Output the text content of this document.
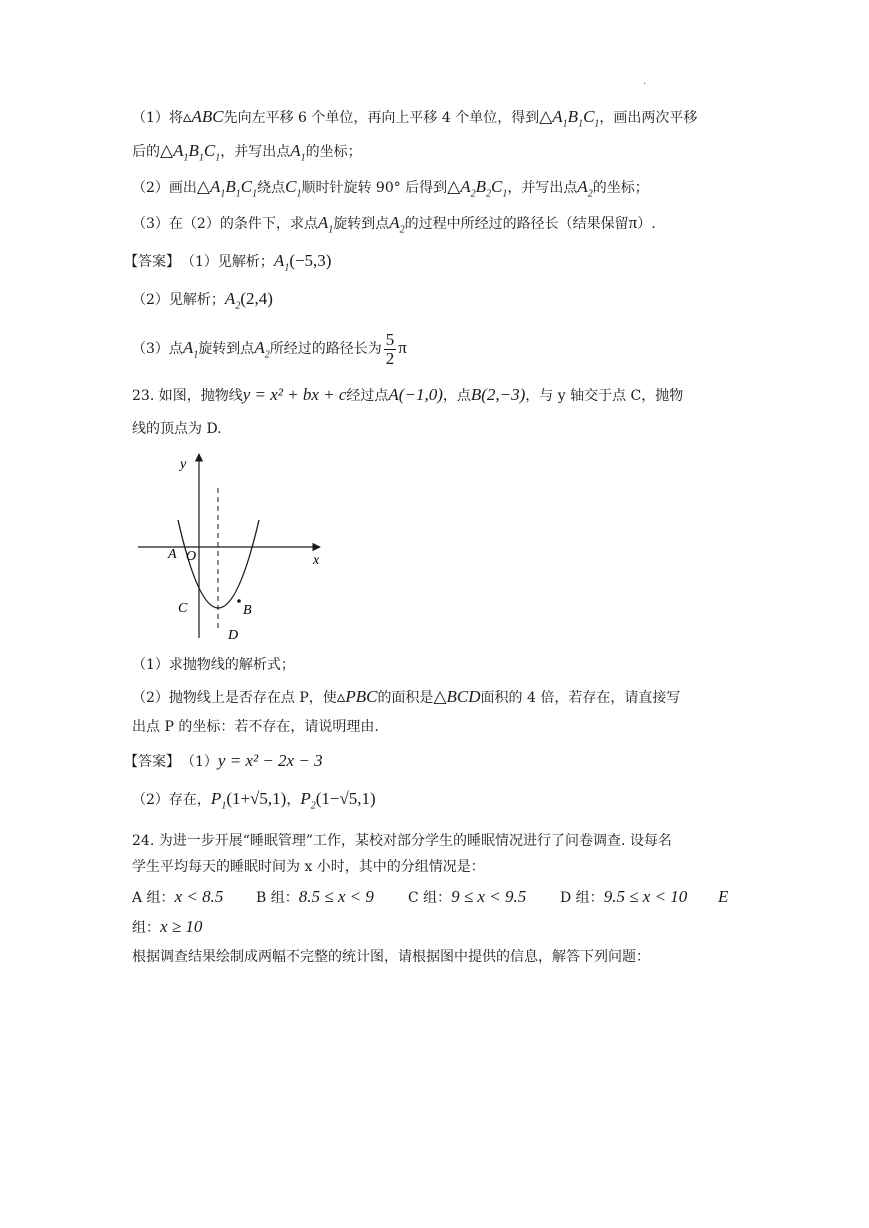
.
（1）将▵ABC先向左平移 6 个单位，再向上平移 4 个单位，得到$\triangle A_1B_1C_1$，画出两次平移
后的$\triangle A_1B_1C_1$，并写出点$A_1$的坐标；
（2）画出$\triangle A_1B_1C_1$绕点$C_1$顺时针旋转 90° 后得到$\triangle A_2B_2C_1$，并写出点$A_2$的坐标；
（3）在（2）的条件下，求点$A_1$旋转到点$A_2$的过程中所经过的路径长（结果保留π）.
【答案】 （1）见解析；$A_1(-5,3)$
（2）见解析；$A_2(2,4)$
（3）点$A_1$旋转到点$A_2$所经过的路径长为 $\frac{5}{2}$ π
23. 如图，抛物线y = x² + bx + c经过点A(−1,0)，点B(2,−3)，与 y 轴交于点 C，抛物
线的顶点为 D.
y
x
A O
C	B
D
（1）求抛物线的解析式；
（2）抛物线上是否存在点 P，使▵PBC的面积是△BCD面积的 4 倍，若存在，请直接写
出点 P 的坐标：若不存在，请说明理由.
【答案】 （1）y = x² − 2x − 3
（2）存在，$P_1(1+√5,1)$，$P_2(1-√5,1)$
24. 为进一步开展“睡眠管理”工作，某校对部分学生的睡眠情况进行了问卷调查. 设每名
学生平均每天的睡眠时间为 x 小时，其中的分组情况是：
A 组：x < 8.5 B 组：8.5 ≤ x < 9 C 组：9 ≤ x < 9.5 D 组：9.5 ≤ x < 10 E
组：x ≥ 10
根据调查结果绘制成两幅不完整的统计图，请根据图中提供的信息，解答下列问题：
